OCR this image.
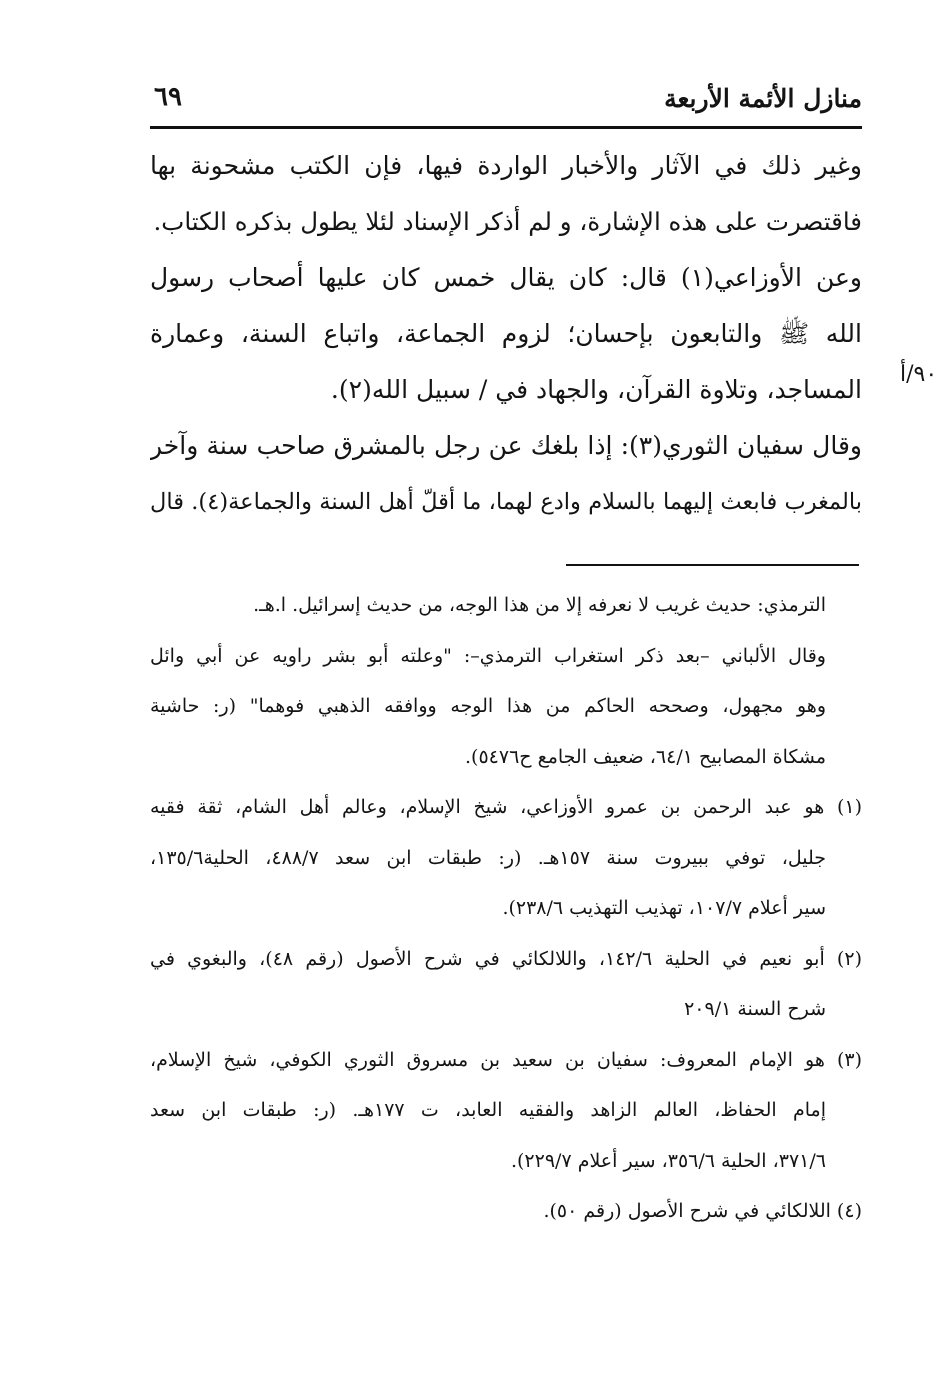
منازل الأئمة الأربعة
٦٩
وغير ذلك في الآثار والأخبار الواردة فيها، فإن الكتب مشحونة بها
فاقتصرت على هذه الإشارة، و لم أذكر الإسناد لئلا يطول بذكره الكتاب.
وعن الأوزاعي(١) قال: كان يقال خمس كان عليها أصحاب رسول
الله ﷺ والتابعون بإحسان؛ لزوم الجماعة، واتباع السنة، وعمارة
المساجد، وتلاوة القرآن، والجهاد في / سبيل الله(٢).
وقال سفيان الثوري(٣): إذا بلغك عن رجل بالمشرق صاحب سنة وآخر
بالمغرب فابعث إليهما بالسلام وادع لهما، ما أقلّ أهل السنة والجماعة(٤). قال
٩٠/أ
الترمذي: حديث غريب لا نعرفه إلا من هذا الوجه، من حديث إسرائيل. ا.هـ.
وقال الألباني –بعد ذكر استغراب الترمذي–: "وعلته أبو بشر راويه عن أبي وائل
وهو مجهول، وصححه الحاكم من هذا الوجه ووافقه الذهبي فوهما" (ر: حاشية
مشكاة المصابيح ٦٤/١، ضعيف الجامع ح٥٤٧٦).
(١) هو عبد الرحمن بن عمرو الأوزاعي، شيخ الإسلام، وعالم أهل الشام، ثقة فقيه
جليل، توفي ببيروت سنة ١٥٧هـ. (ر: طبقات ابن سعد ٤٨٨/٧، الحلية١٣٥/٦،
سير أعلام ١٠٧/٧، تهذيب التهذيب ٢٣٨/٦).
(٢) أبو نعيم في الحلية ١٤٢/٦، واللالكائي في شرح الأصول (رقم ٤٨)، والبغوي في
شرح السنة ٢٠٩/١
(٣) هو الإمام المعروف: سفيان بن سعيد بن مسروق الثوري الكوفي، شيخ الإسلام،
إمام الحفاظ، العالم الزاهد والفقيه العابد، ت ١٧٧هـ. (ر: طبقات ابن سعد
٣٧١/٦، الحلية ٣٥٦/٦، سير أعلام ٢٢٩/٧).
(٤) اللالكائي في شرح الأصول (رقم ٥٠).
